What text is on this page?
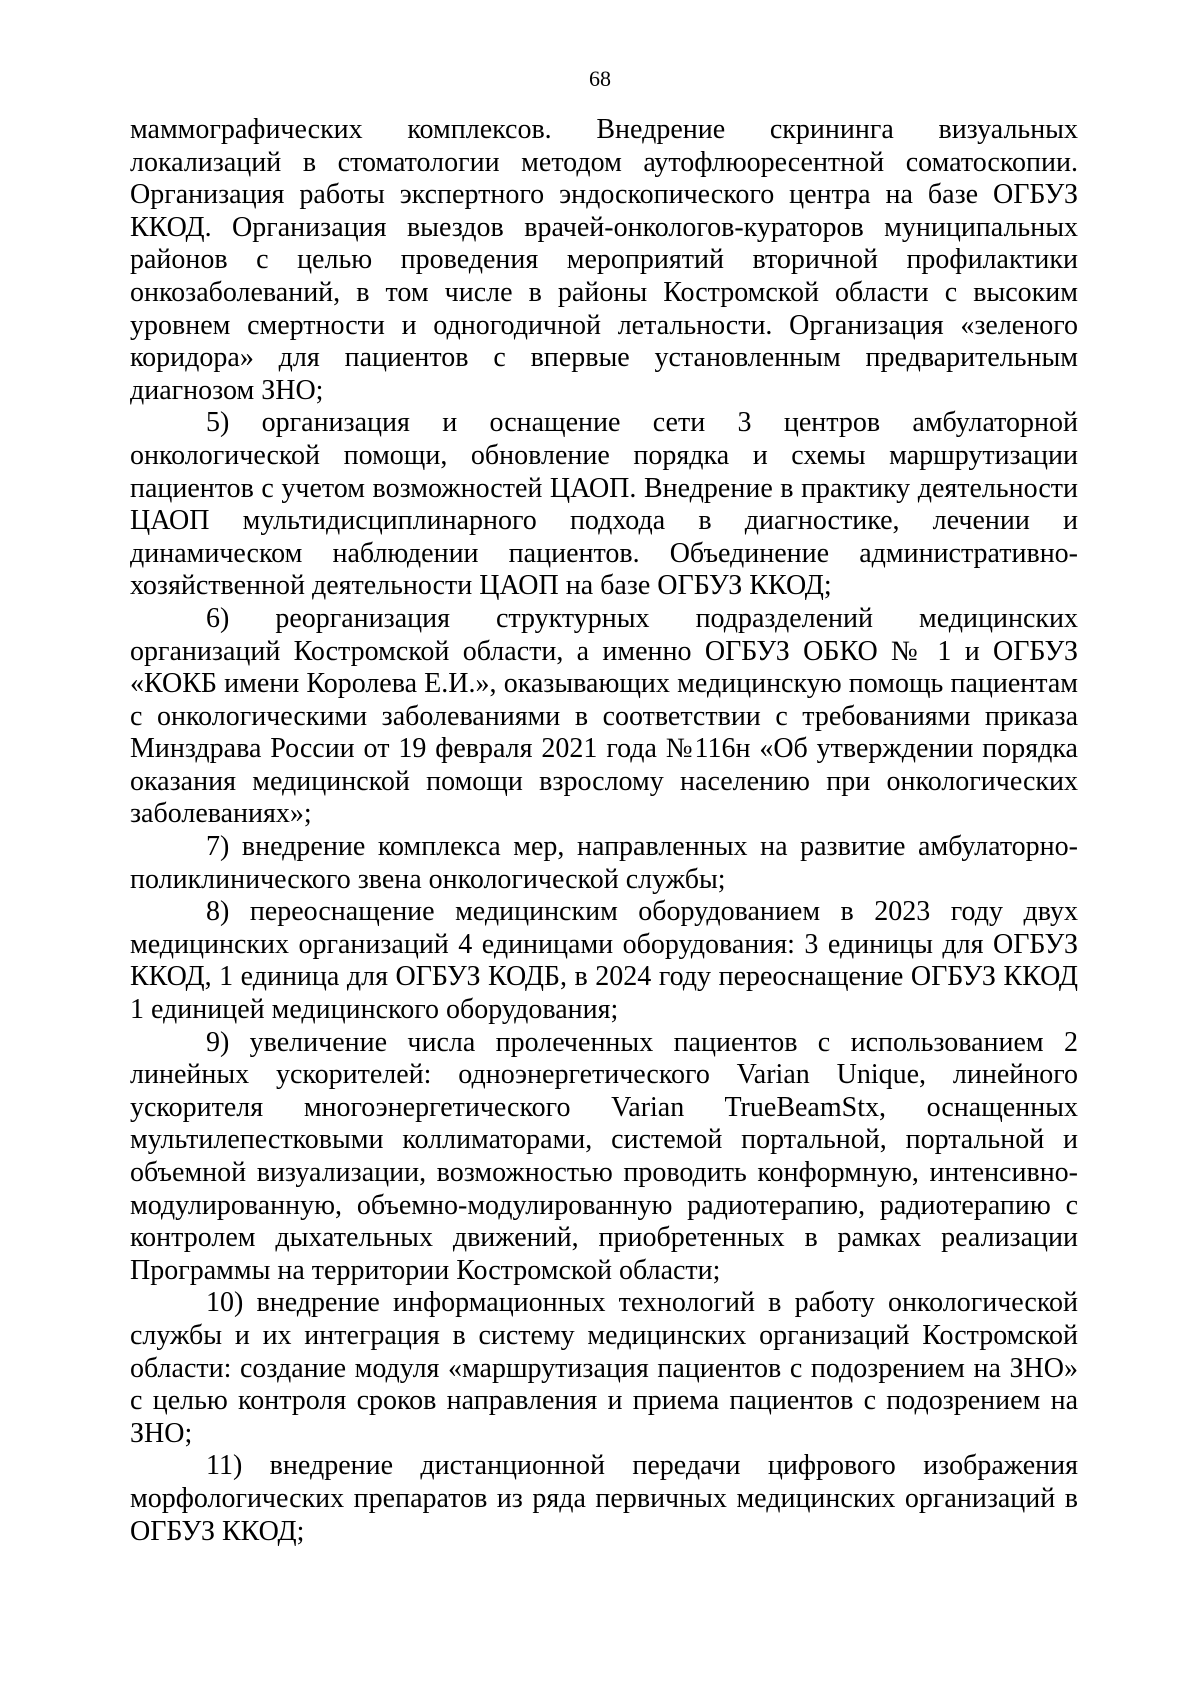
68

маммографических комплексов. Внедрение скрининга визуальных локализаций в стоматологии методом аутофлюоресентной соматоскопии. Организация работы экспертного эндоскопического центра на базе ОГБУЗ ККОД. Организация выездов врачей-онкологов-кураторов муниципальных районов с целью проведения мероприятий вторичной профилактики онкозаболеваний, в том числе в районы Костромской области с высоким уровнем смертности и одногодичной летальности. Организация «зеленого коридора» для пациентов с впервые установленным предварительным диагнозом ЗНО;

5) организация и оснащение сети 3 центров амбулаторной онкологической помощи, обновление порядка и схемы маршрутизации пациентов с учетом возможностей ЦАОП. Внедрение в практику деятельности ЦАОП мультидисциплинарного подхода в диагностике, лечении и динамическом наблюдении пациентов. Объединение административно-хозяйственной деятельности ЦАОП на базе ОГБУЗ ККОД;

6) реорганизация структурных подразделений медицинских организаций Костромской области, а именно ОГБУЗ ОБКО № 1 и ОГБУЗ «КОКБ имени Королева Е.И.», оказывающих медицинскую помощь пациентам с онкологическими заболеваниями в соответствии с требованиями приказа Минздрава России от 19 февраля 2021 года №116н «Об утверждении порядка оказания медицинской помощи взрослому населению при онкологических заболеваниях»;

7) внедрение комплекса мер, направленных на развитие амбулаторно-поликлинического звена онкологической службы;

8) переоснащение медицинским оборудованием в 2023 году двух медицинских организаций 4 единицами оборудования: 3 единицы для ОГБУЗ ККОД, 1 единица для ОГБУЗ КОДБ, в 2024 году переоснащение ОГБУЗ ККОД 1 единицей медицинского оборудования;

9) увеличение числа пролеченных пациентов с использованием 2 линейных ускорителей: одноэнергетического Varian Unique, линейного ускорителя многоэнергетического Varian TrueBeamStx, оснащенных мультилепестковыми коллиматорами, системой портальной, портальной и объемной визуализации, возможностью проводить конформную, интенсивно-модулированную, объемно-модулированную радиотерапию, радиотерапию с контролем дыхательных движений, приобретенных в рамках реализации Программы на территории Костромской области;

10) внедрение информационных технологий в работу онкологической службы и их интеграция в систему медицинских организаций Костромской области: создание модуля «маршрутизация пациентов с подозрением на ЗНО» с целью контроля сроков направления и приема пациентов с подозрением на ЗНО;

11) внедрение дистанционной передачи цифрового изображения морфологических препаратов из ряда первичных медицинских организаций в ОГБУЗ ККОД;
